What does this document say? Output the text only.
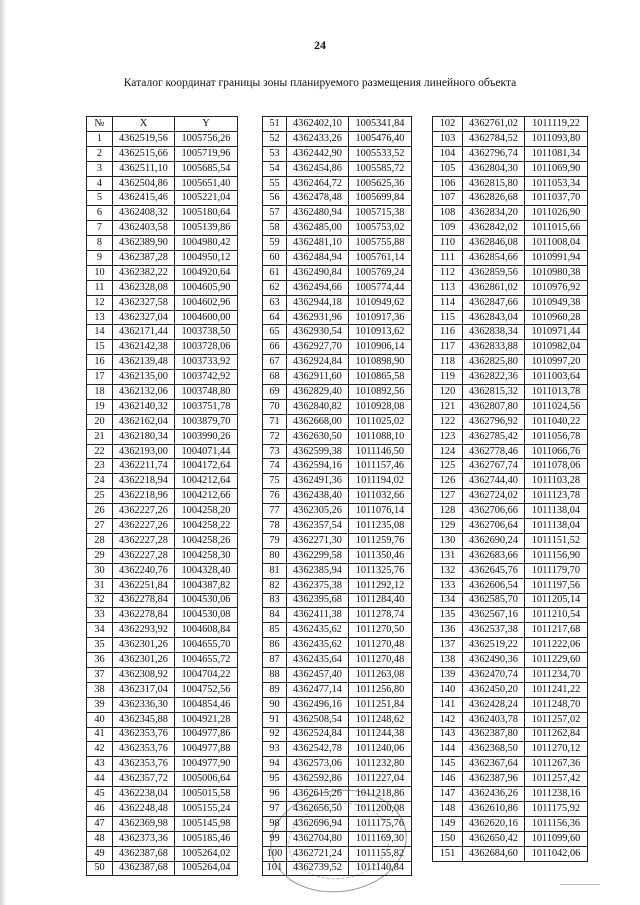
24
Каталог координат границы зоны планируемого размещения линейного объекта
№	X	Y
1	4362519,56	1005756,26
2	4362515,66	1005719,96
3	4362511,10	1005685,54
4	4362504,86	1005651,40
5	4362415,46	1005221,04
6	4362408,32	1005180,64
7	4362403,58	1005139,86
8	4362389,90	1004980,42
9	4362387,28	1004950,12
10	4362382,22	1004920,64
11	4362328,08	1004605,90
12	4362327,58	1004602,96
13	4362327,04	1004600,00
14	4362171,44	1003738,50
15	4362142,38	1003728,06
16	4362139,48	1003733,92
17	4362135,00	1003742,92
18	4362132,06	1003748,80
19	4362140,32	1003751,78
20	4362162,04	1003879,70
21	4362180,34	1003990,26
22	4362193,00	1004071,44
23	4362211,74	1004172,64
24	4362218,94	1004212,64
25	4362218,96	1004212,66
26	4362227,26	1004258,20
27	4362227,26	1004258,22
28	4362227,28	1004258,26
29	4362227,28	1004258,30
30	4362240,76	1004328,40
31	4362251,84	1004387,82
32	4362278,84	1004530,06
33	4362278,84	1004530,08
34	4362293,92	1004608,84
35	4362301,26	1004655,70
36	4362301,26	1004655,72
37	4362308,92	1004704,22
38	4362317,04	1004752,56
39	4362336,30	1004854,46
40	4362345,88	1004921,28
41	4362353,76	1004977,86
42	4362353,76	1004977,88
43	4362353,76	1004977,90
44	4362357,72	1005006,64
45	4362238,04	1005015,58
46	4362248,48	1005155,24
47	4362369,98	1005145,98
48	4362373,36	1005185,46
49	4362387,68	1005264,02
50	4362387,68	1005264,04
51	4362402,10	1005341,84
52	4362433,26	1005476,40
53	4362442,90	1005533,52
54	4362454,86	1005585,72
55	4362464,72	1005625,36
56	4362478,48	1005699,84
57	4362480,94	1005715,38
58	4362485,00	1005753,02
59	4362481,10	1005755,88
60	4362484,94	1005761,14
61	4362490,84	1005769,24
62	4362494,66	1005774,44
63	4362944,18	1010949,62
64	4362931,96	1010917,36
65	4362930,54	1010913,62
66	4362927,70	1010906,14
67	4362924,84	1010898,90
68	4362911,60	1010865,58
69	4362829,40	1010892,56
70	4362840,82	1010928,08
71	4362668,00	1011025,02
72	4362630,50	1011088,10
73	4362599,38	1011146,50
74	4362594,16	1011157,46
75	4362491,36	1011194,02
76	4362438,40	1011032,66
77	4362305,26	1011076,14
78	4362357,54	1011235,08
79	4362271,30	1011259,76
80	4362299,58	1011350,46
81	4362385,94	1011325,76
82	4362375,38	1011292,12
83	4362395,68	1011284,40
84	4362411,38	1011278,74
85	4362435,62	1011270,50
86	4362435,62	1011270,48
87	4362435,64	1011270,48
88	4362457,40	1011263,08
89	4362477,14	1011256,80
90	4362496,16	1011251,84
91	4362508,54	1011248,62
92	4362524,84	1011244,38
93	4362542,78	1011240,06
94	4362573,06	1011232,80
95	4362592,86	1011227,04
96	4362615,26	1011218,86
97	4362656,50	1011200,08
98	4362696,94	1011175,76
99	4362704,80	1011169,30
100	4362721,24	1011155,82
101	4362739,52	1011140,84
102	4362761,02	1011119,22
103	4362784,52	1011093,80
104	4362796,74	1011081,34
105	4362804,30	1011069,90
106	4362815,80	1011053,34
107	4362826,68	1011037,70
108	4362834,20	1011026,90
109	4362842,02	1011015,66
110	4362846,08	1011008,04
111	4362854,66	1010991,94
112	4362859,56	1010980,38
113	4362861,02	1010976,92
114	4362847,66	1010949,38
115	4362843,04	1010960,28
116	4362838,34	1010971,44
117	4362833,88	1010982,04
118	4362825,80	1010997,20
119	4362822,36	1011003,64
120	4362815,32	1011013,78
121	4362807,80	1011024,56
122	4362796,92	1011040,22
123	4362785,42	1011056,78
124	4362778,46	1011066,76
125	4362767,74	1011078,06
126	4362744,40	1011103,28
127	4362724,02	1011123,78
128	4362706,66	1011138,04
129	4362706,64	1011138,04
130	4362690,24	1011151,52
131	4362683,66	1011156,90
132	4362645,76	1011179,70
133	4362606,54	1011197,56
134	4362585,70	1011205,14
135	4362567,16	1011210,54
136	4362537,38	1011217,68
137	4362519,22	1011222,06
138	4362490,36	1011229,60
139	4362470,74	1011234,70
140	4362450,20	1011241,22
141	4362428,24	1011248,70
142	4362403,78	1011257,02
143	4362387,80	1011262,84
144	4362368,50	1011270,12
145	4362367,64	1011267,36
146	4362387,96	1011257,42
147	4362436,26	1011238,16
148	4362610,86	1011175,92
149	4362620,16	1011156,36
150	4362650,42	1011099,60
151	4362684,60	1011042,06
